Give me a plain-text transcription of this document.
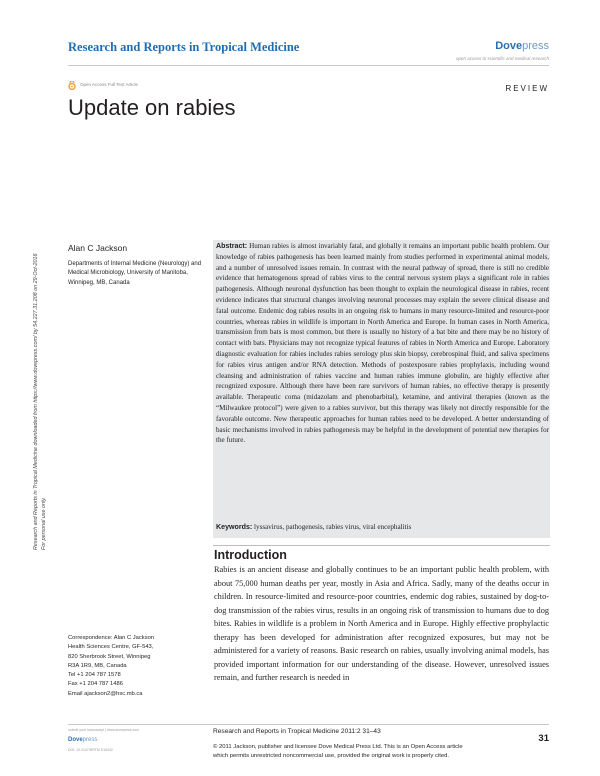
Research and Reports in Tropical Medicine	Dovepress
open access to scientific and medical research
Open Access Full Text Article	REVIEW
Update on rabies
Research and Reports in Tropical Medicine downloaded from https://www.dovepress.com/ by 54.227.31.208 on 29-Oct-2016 For personal use only.
Alan C Jackson
Departments of Internal Medicine (Neurology) and Medical Microbiology, University of Manitoba, Winnipeg, MB, Canada
Correspondence: Alan C Jackson
Health Sciences Centre, GF-543,
820 Sherbrook Street, Winnipeg
R3A 1R9, MB, Canada
Tel +1 204 787 1578
Fax +1 204 787 1486
Email ajackson2@hsc.mb.ca
Abstract: Human rabies is almost invariably fatal, and globally it remains an important public health problem. Our knowledge of rabies pathogenesis has been learned mainly from studies performed in experimental animal models, and a number of unresolved issues remain. In contrast with the neural pathway of spread, there is still no credible evidence that hematogenous spread of rabies virus to the central nervous system plays a significant role in rabies pathogenesis. Although neuronal dysfunction has been thought to explain the neurological disease in rabies, recent evidence indicates that structural changes involving neuronal processes may explain the severe clinical disease and fatal outcome. Endemic dog rabies results in an ongoing risk to humans in many resource-limited and resource-poor countries, whereas rabies in wildlife is important in North America and Europe. In human cases in North America, transmission from bats is most common, but there is usually no history of a bat bite and there may be no history of contact with bats. Physicians may not recognize typical features of rabies in North America and Europe. Laboratory diagnostic evaluation for rabies includes rabies serology plus skin biopsy, cerebrospinal fluid, and saliva specimens for rabies virus antigen and/or RNA detection. Methods of postexposure rabies prophylaxis, including wound cleansing and administration of rabies vaccine and human rabies immune globulin, are highly effective after recognized exposure. Although there have been rare survivors of human rabies, no effective therapy is presently available. Therapeutic coma (midazolam and phenobarbital), ketamine, and antiviral therapies (known as the “Milwaukee protocol”) were given to a rabies survivor, but this therapy was likely not directly responsible for the favorable outcome. New therapeutic approaches for human rabies need to be developed. A better understanding of basic mechanisms involved in rabies pathogenesis may be helpful in the development of potential new therapies for the future.
Keywords: lyssavirus, pathogenesis, rabies virus, viral encephalitis
Introduction
Rabies is an ancient disease and globally continues to be an important public health problem, with about 75,000 human deaths per year, mostly in Asia and Africa. Sadly, many of the deaths occur in children. In resource-limited and resource-poor countries, endemic dog rabies, sustained by dog-to-dog transmission of the rabies virus, results in an ongoing risk of transmission to humans due to dog bites. Rabies in wildlife is a problem in North America and in Europe. Highly effective prophylactic therapy has been developed for administration after recognized exposures, but may not be administered for a variety of reasons. Basic research on rabies, usually involving animal models, has provided important information for our understanding of the disease. However, unresolved issues remain, and further research is needed in
submit your manuscript | www.dovepress.com
Dovepress
DOI: 10.2147/RRTM.S16432
Research and Reports in Tropical Medicine 2011:2 31–43
31
© 2011 Jackson, publisher and licensee Dove Medical Press Ltd. This is an Open Access article
which permits unrestricted noncommercial use, provided the original work is properly cited.
